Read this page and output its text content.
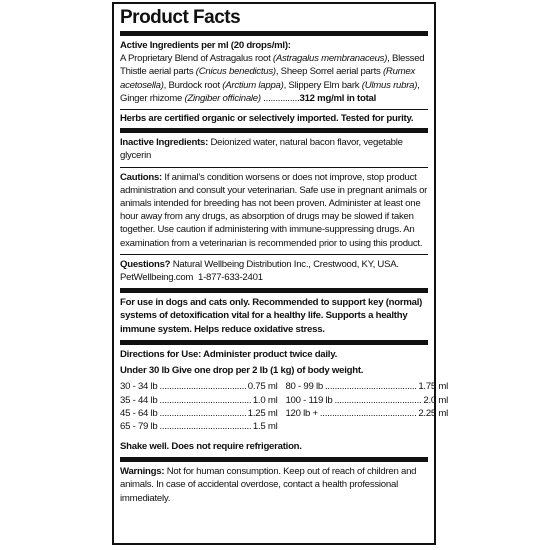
Product Facts
Active Ingredients per ml (20 drops/ml):
A Proprietary Blend of Astragalus root (Astragalus membranaceus), Blessed Thistle aerial parts (Cnicus benedictus), Sheep Sorrel aerial parts (Rumex acetosella), Burdock root (Arctium lappa), Slippery Elm bark (Ulmus rubra), Ginger rhizome (Zingiber officinale) ...............312 mg/ml in total
Herbs are certified organic or selectively imported. Tested for purity.
Inactive Ingredients: Deionized water, natural bacon flavor, vegetable glycerin
Cautions: If animal's condition worsens or does not improve, stop product administration and consult your veterinarian. Safe use in pregnant animals or animals intended for breeding has not been proven. Administer at least one hour away from any drugs, as absorption of drugs may be slowed if taken together. Use caution if administering with immune-suppressing drugs. An examination from a veterinarian is recommended prior to using this product.
Questions? Natural Wellbeing Distribution Inc., Crestwood, KY, USA.
PetWellbeing.com 1-877-633-2401
For use in dogs and cats only. Recommended to support key (normal) systems of detoxification vital for a healthy life. Supports a healthy immune system. Helps reduce oxidative stress.
Directions for Use: Administer product twice daily.
Under 30 lb Give one drop per 2 lb (1 kg) of body weight.
30 - 34 lb .....	0.75 ml
35 - 44 lb .....	1.0 ml
45 - 64 lb .....	1.25 ml
65 - 79 lb .....	1.5 ml
80 - 99 lb .....	1.75 ml
100 - 119 lb .....	2.0 ml
120 lb + .....	2.25 ml
Shake well. Does not require refrigeration.
Warnings: Not for human consumption. Keep out of reach of children and animals. In case of accidental overdose, contact a health professional immediately.
